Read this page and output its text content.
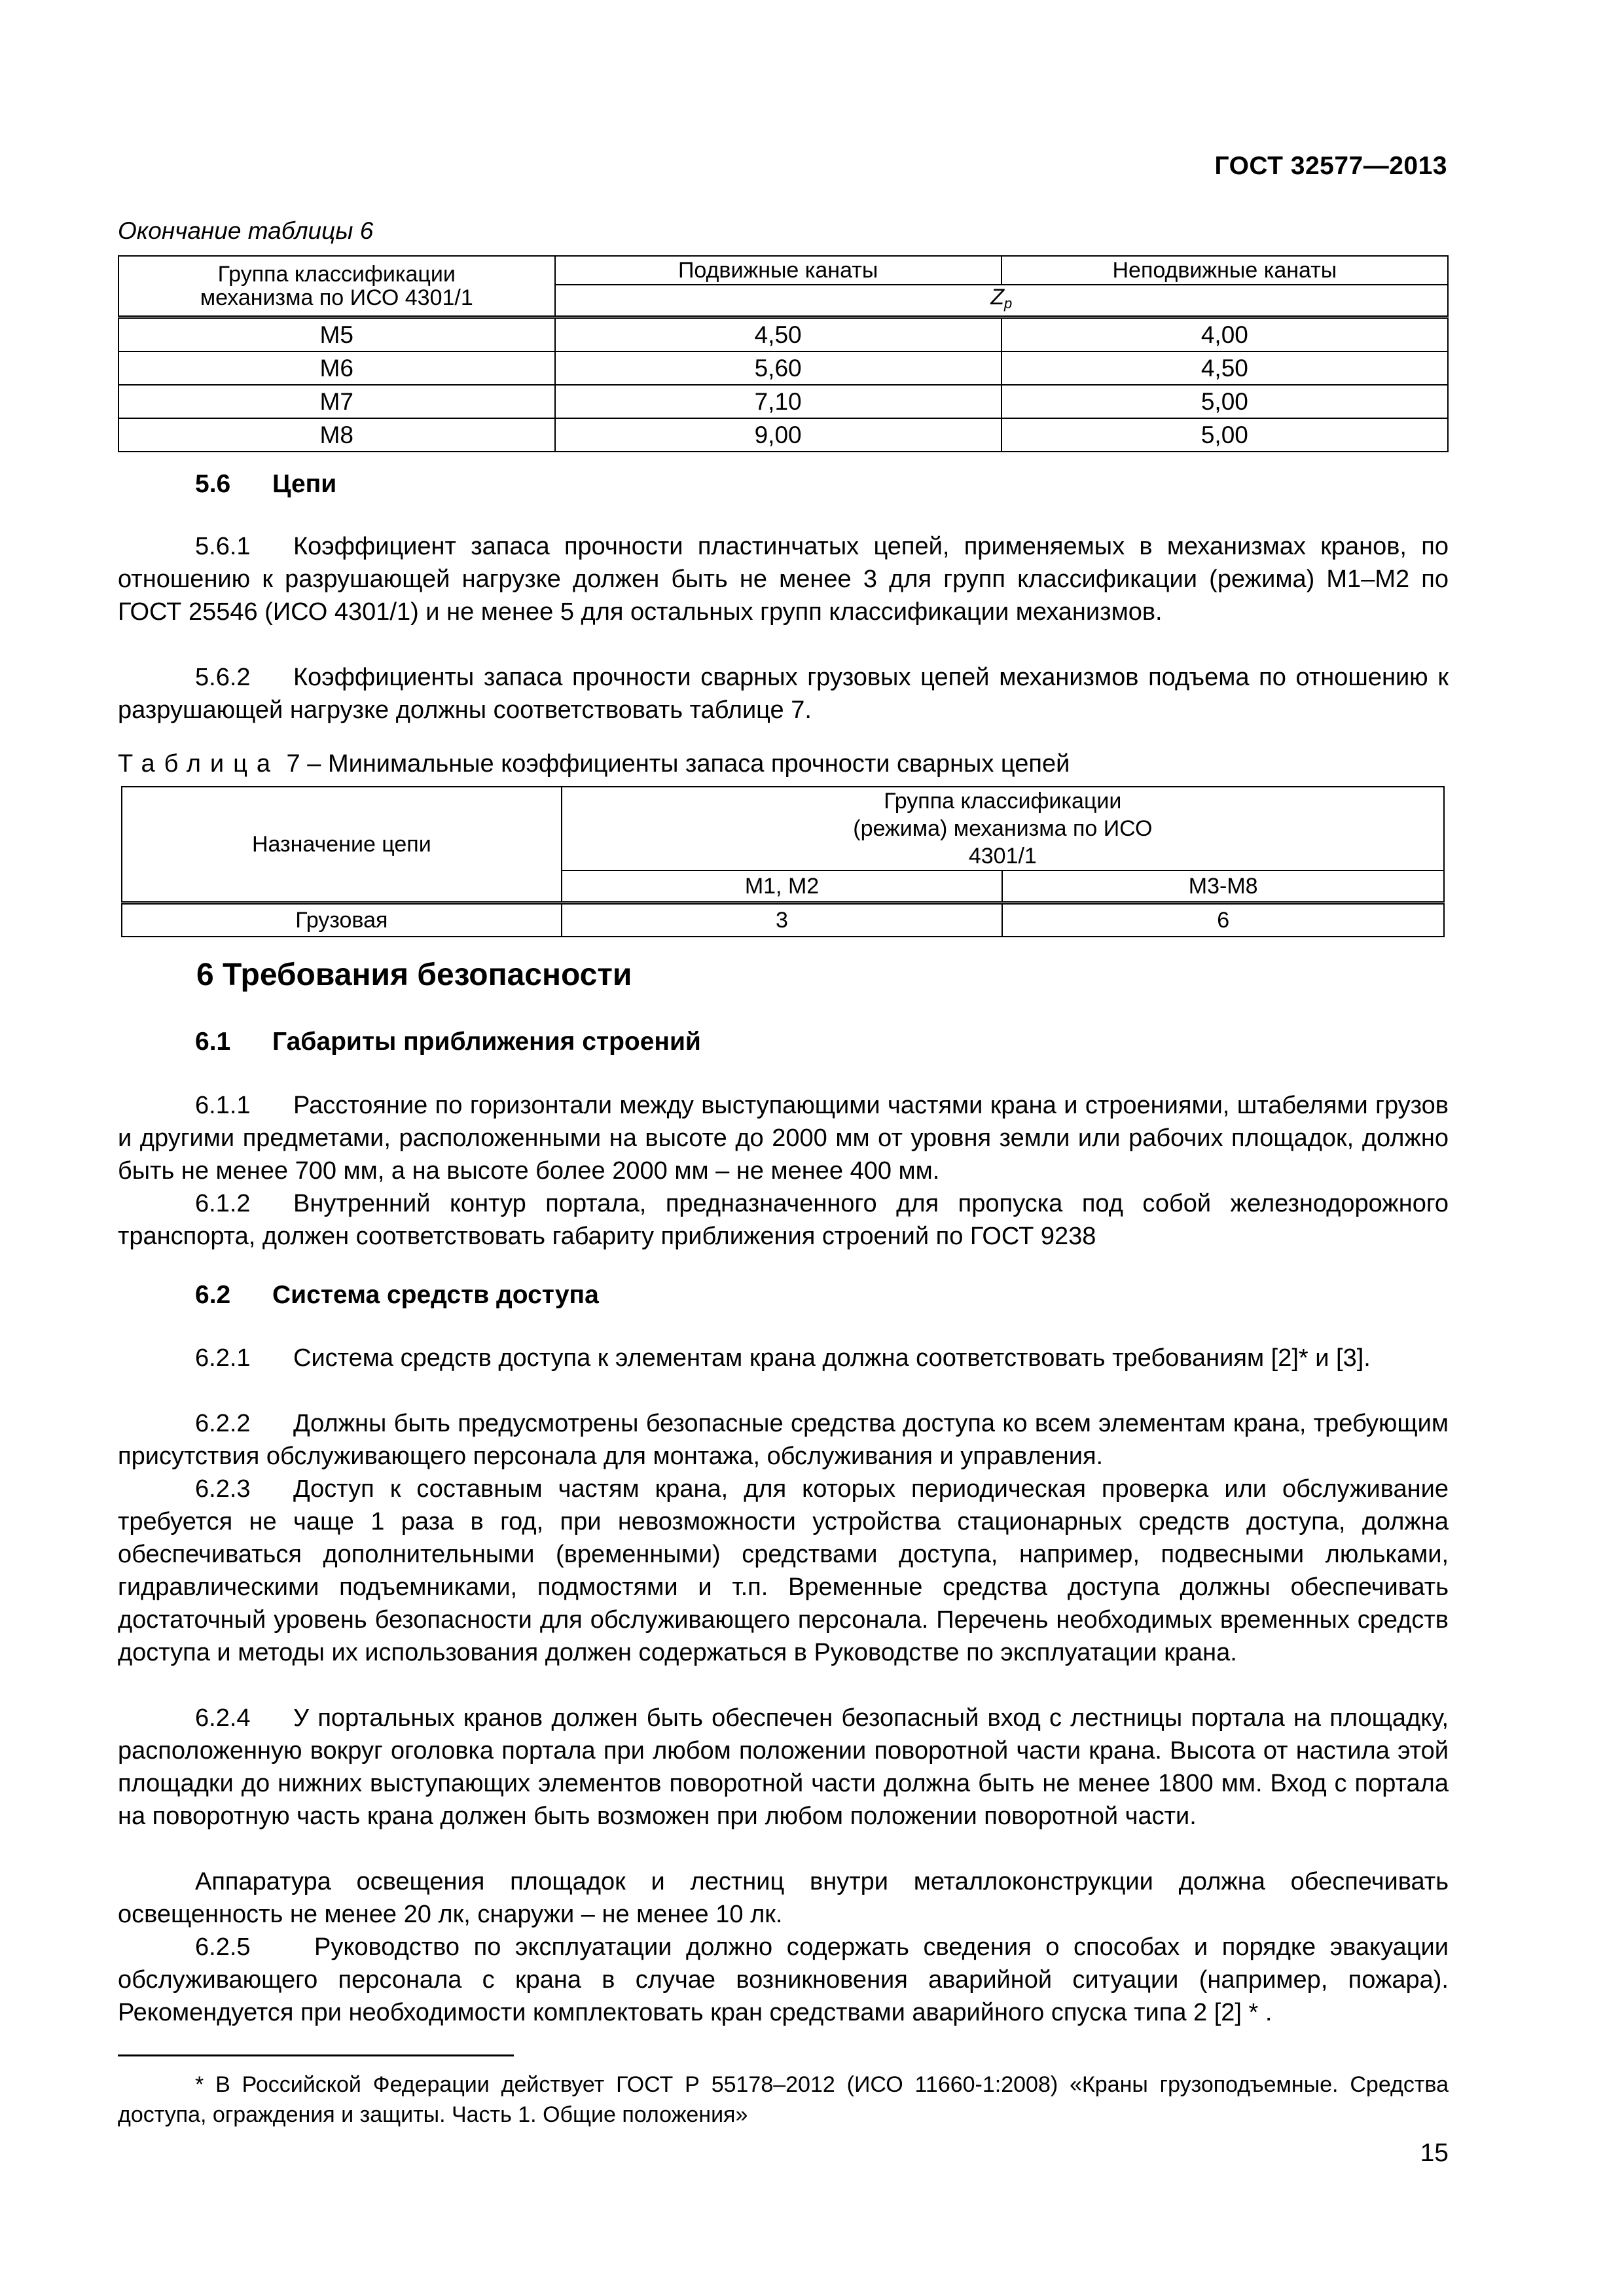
ГОСТ 32577—2013
Окончание таблицы 6
Группа классификации механизма по ИСО 4301/1	Подвижные канаты	Неподвижные канаты
	$Z_p$
M5	4,50	4,00
M6	5,60	4,50
M7	7,10	5,00
M8	9,00	5,00
5.6 Цепи

5.6.1 Коэффициент запаса прочности пластинчатых цепей, применяемых в механизмах кранов, по отношению к разрушающей нагрузке должен быть не менее 3 для групп классификации (режима) М1–М2 по ГОСТ 25546 (ИСО 4301/1) и не менее 5 для остальных групп классификации механизмов.

5.6.2 Коэффициенты запаса прочности сварных грузовых цепей механизмов подъема по отношению к разрушающей нагрузке должны соответствовать таблице 7.

Таблица 7 – Минимальные коэффициенты запаса прочности сварных цепей
Назначение цепи	Группа классификации (режима) механизма по ИСО 4301/1	
	М1, М2	М3-М8
Грузовая	3	6
6 Требования безопасности
6.1 Габариты приближения строений

6.1.1 Расстояние по горизонтали между выступающими частями крана и строениями, штабелями грузов и другими предметами, расположенными на высоте до 2000 мм от уровня земли или рабочих площадок, должно быть не менее 700 мм, а на высоте более 2000 мм – не менее 400 мм.

6.1.2 Внутренний контур портала, предназначенного для пропуска под собой железнодорожного транспорта, должен соответствовать габариту приближения строений по ГОСТ 9238

6.2 Система средств доступа

6.2.1 Система средств доступа к элементам крана должна соответствовать требованиям [2]* и [3].

6.2.2 Должны быть предусмотрены безопасные средства доступа ко всем элементам крана, требующим присутствия обслуживающего персонала для монтажа, обслуживания и управления.

6.2.3 Доступ к составным частям крана, для которых периодическая проверка или обслуживание требуется не чаще 1 раза в год, при невозможности устройства стационарных средств доступа, должна обеспечиваться дополнительными (временными) средствами доступа, например, подвесными люльками, гидравлическими подъемниками, подмостями и т.п. Временные средства доступа должны обеспечивать достаточный уровень безопасности для обслуживающего персонала. Перечень необходимых временных средств доступа и методы их использования должен содержаться в Руководстве по эксплуатации крана.

6.2.4 У портальных кранов должен быть обеспечен безопасный вход с лестницы портала на площадку, расположенную вокруг оголовка портала при любом положении поворотной части крана. Высота от настила этой площадки до нижних выступающих элементов поворотной части должна быть не менее 1800 мм. Вход с портала на поворотную часть крана должен быть возможен при любом положении поворотной части.

Аппаратура освещения площадок и лестниц внутри металлоконструкции должна обеспечивать освещенность не менее 20 лк, снаружи – не менее 10 лк.

6.2.5	Руководство по эксплуатации должно содержать сведения о способах и порядке эвакуации обслуживающего персонала с крана в случае возникновения аварийной ситуации (например, пожара). Рекомендуется при необходимости комплектовать кран средствами аварийного спуска типа 2 [2] * .

* В Российской Федерации действует ГОСТ Р 55178–2012 (ИСО 11660-1:2008) «Краны грузоподъемные. Средства доступа, ограждения и защиты. Часть 1. Общие положения»

15
